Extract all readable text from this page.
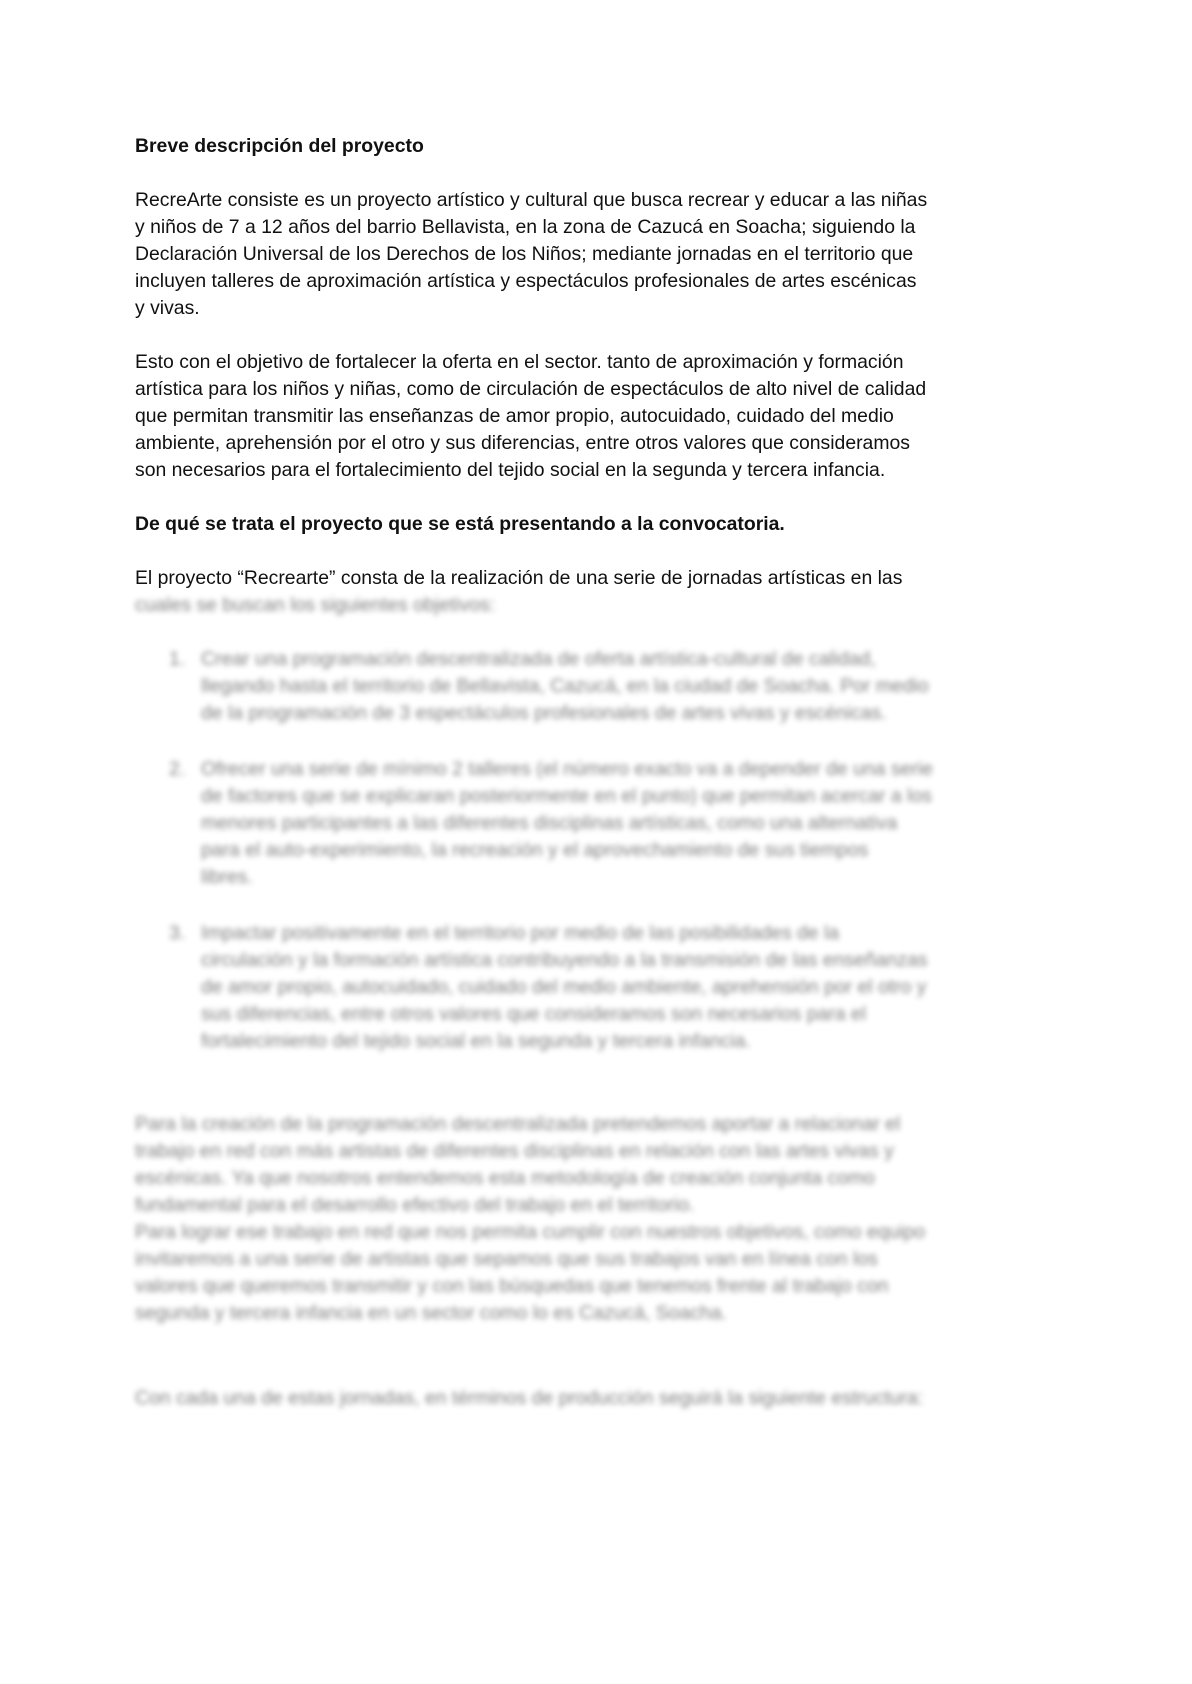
Breve descripción del proyecto
RecreArte consiste es un proyecto artístico y cultural que busca recrear y educar a las niñas
y niños de 7 a 12 años del barrio Bellavista, en la zona de Cazucá en Soacha; siguiendo la
Declaración Universal de los Derechos de los Niños; mediante jornadas en el territorio que
incluyen talleres de aproximación artística y espectáculos profesionales de artes escénicas
y vivas.
Esto con el objetivo de fortalecer la oferta en el sector. tanto de aproximación y formación
artística para los niños y niñas, como de circulación de espectáculos de alto nivel de calidad
que permitan transmitir las enseñanzas de amor propio, autocuidado, cuidado del medio
ambiente, aprehensión por el otro y sus diferencias, entre otros valores que consideramos
son necesarios para el fortalecimiento del tejido social en la segunda y tercera infancia.
De qué se trata el proyecto que se está presentando a la convocatoria.
El proyecto “Recrearte” consta de la realización de una serie de jornadas artísticas en las
cuales se buscan los siguientes objetivos:
1. Crear una programación descentralizada de oferta artística-cultural de calidad,
llegando hasta el territorio de Bellavista, Cazucá, en la ciudad de Soacha. Por medio
de la programación de 3 espectáculos profesionales de artes vivas y escénicas.
2. Ofrecer una serie de mínimo 2 talleres (el número exacto va a depender de una serie
de factores que se explicaran posteriormente en el punto) que permitan acercar a los
menores participantes a las diferentes disciplinas artísticas, como una alternativa
para el auto-experimiento, la recreación y el aprovechamiento de sus tiempos
libres.
3. Impactar positivamente en el territorio por medio de las posibilidades de la
circulación y la formación artística contribuyendo a la transmisión de las enseñanzas
de amor propio, autocuidado, cuidado del medio ambiente, aprehensión por el otro y
sus diferencias, entre otros valores que consideramos son necesarios para el
fortalecimiento del tejido social en la segunda y tercera infancia.
Para la creación de la programación descentralizada pretendemos aportar a relacionar el
trabajo en red con más artistas de diferentes disciplinas en relación con las artes vivas y
escénicas. Ya que nosotros entendemos esta metodología de creación conjunta como
fundamental para el desarrollo efectivo del trabajo en el territorio.
Para lograr ese trabajo en red que nos permita cumplir con nuestros objetivos, como equipo
invitaremos a una serie de artistas que sepamos que sus trabajos van en línea con los
valores que queremos transmitir y con las búsquedas que tenemos frente al trabajo con
segunda y tercera infancia en un sector como lo es Cazucá, Soacha.
Con cada una de estas jornadas, en términos de producción seguirá la siguiente estructura:
